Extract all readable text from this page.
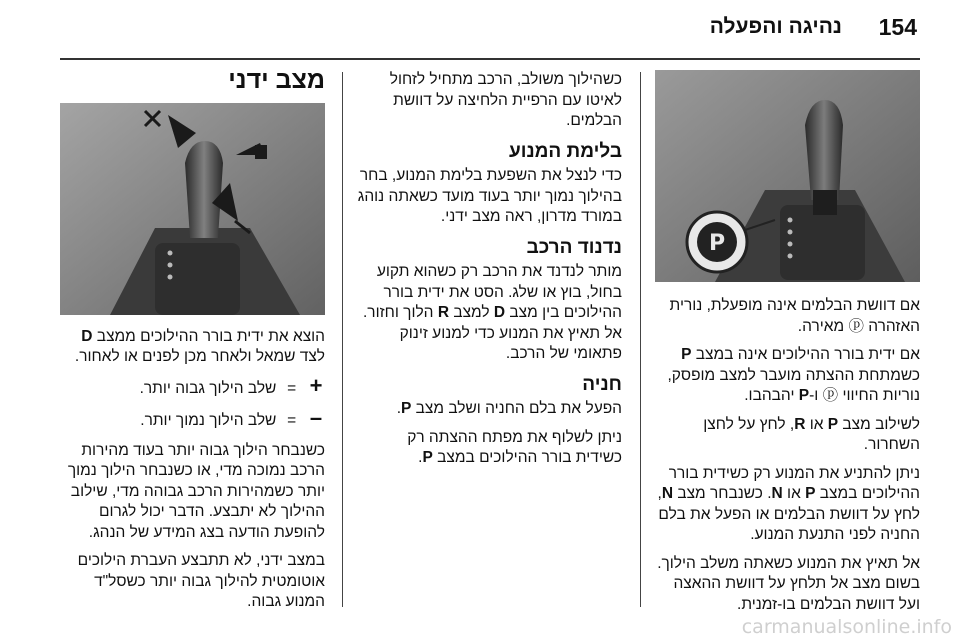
154
נהיגה והפעלה
P

אם דוושת הבלמים אינה מופעלת, נורית האזהרה ⓟ מאירה.

אם ידית בורר ההילוכים אינה במצב P כשמתחת ההצתה מועבר למצב מופסק, נוריות החיווי ⓟ ו-P יהבהבו.

לשילוב מצב P או R, לחץ על לחצן השחרור.

ניתן להתניע את המנוע רק כשידית בורר ההילוכים במצב P או N. כשנבחר מצב N, לחץ על דוושת הבלמים או הפעל את בלם החניה לפני התנעת המנוע.

אל תאיץ את המנוע כשאתה משלב הילוך. בשום מצב אל תלחץ על דוושת ההאצה ועל דוושת הבלמים בו-זמנית.

כשהילוך משולב, הרכב מתחיל לזחול לאיטו עם הרפיית הלחיצה על דוושת הבלמים.

בלימת המנוע

כדי לנצל את השפעת בלימת המנוע, בחר בהילוך נמוך יותר בעוד מועד כשאתה נוהג במורד מדרון, ראה מצב ידני.

נדנוד הרכב

מותר לנדנד את הרכב רק כשהוא תקוע בחול, בוץ או שלג. הסט את ידית בורר ההילוכים בין מצב D למצב R הלוך וחזור. אל תאיץ את המנוע כדי למנוע זינוק פתאומי של הרכב.

חניה

הפעל את בלם החניה ושלב מצב P.

ניתן לשלוף את מפתח ההצתה רק כשידית בורר ההילוכים במצב P.

מצב ידני

הוצא את ידית בורר ההילוכים ממצב D לצד שמאל ולאחר מכן לפנים או לאחור.

+ = שלב הילוך גבוה יותר.
– = שלב הילוך נמוך יותר.

כשנבחר הילוך גבוה יותר בעוד מהירות הרכב נמוכה מדי, או כשנבחר הילוך נמוך יותר כשמהירות הרכב גבוהה מדי, שילוב ההילוך לא יתבצע. הדבר יכול לגרום להופעת הודעה בצג המידע של הנהג.

במצב ידני, לא תתבצע העברת הילוכים אוטומטית להילוך גבוה יותר כשסל"ד המנוע גבוה.

carmanualsonline.info
